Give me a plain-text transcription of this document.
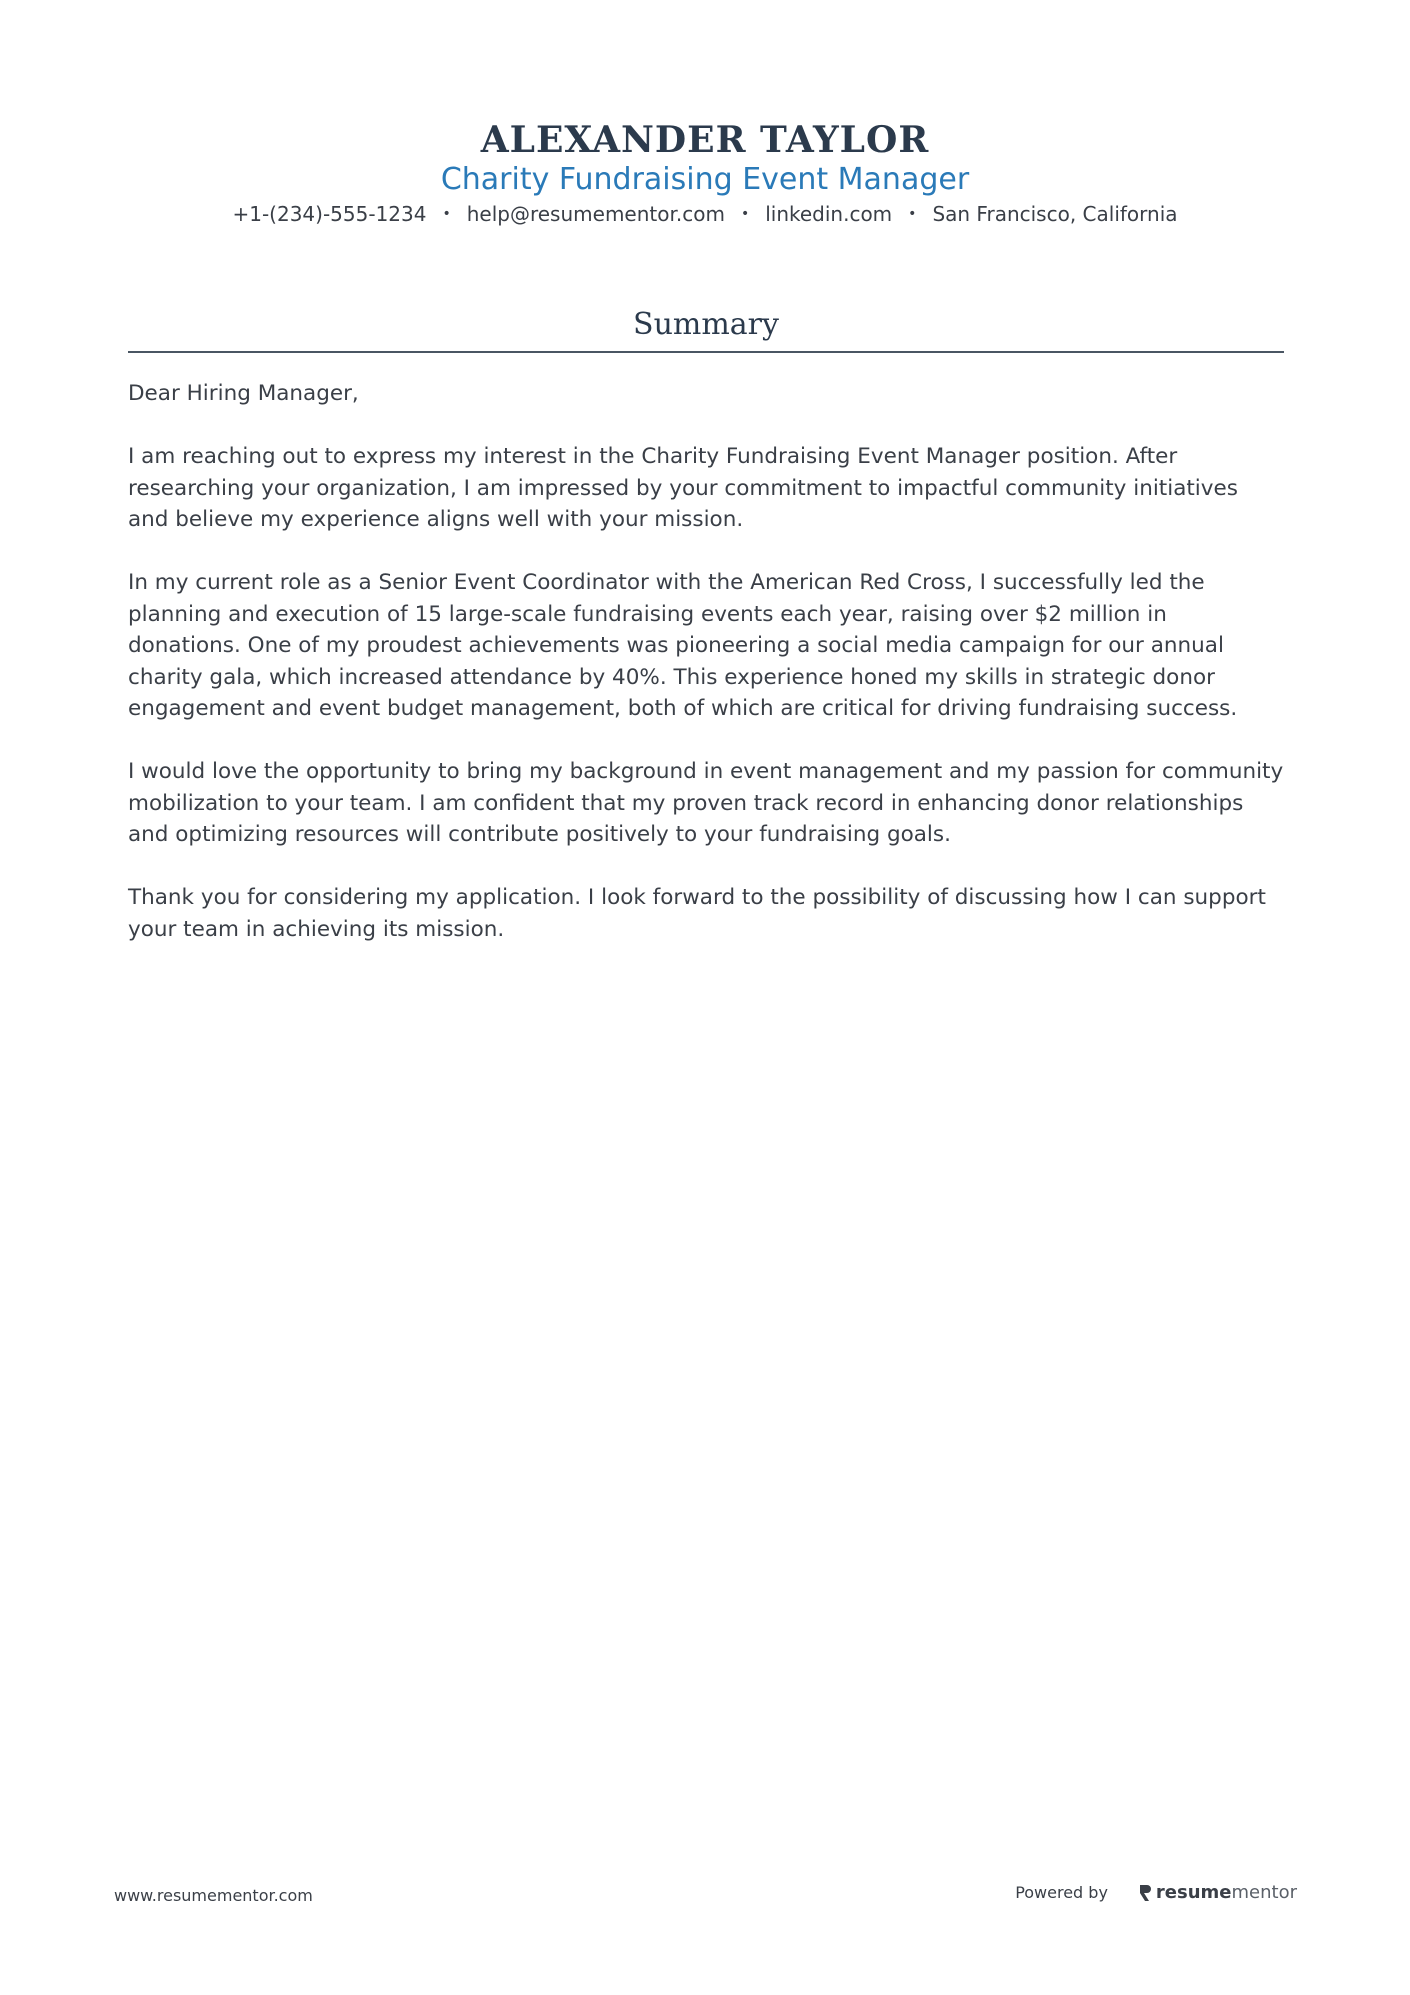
ALEXANDER TAYLOR
Charity Fundraising Event Manager
+1-(234)-555-1234 • help@resumementor.com • linkedin.com • San Francisco, California
Summary

Dear Hiring Manager,

I am reaching out to express my interest in the Charity Fundraising Event Manager position. After researching your organization, I am impressed by your commitment to impactful community initiatives and believe my experience aligns well with your mission.

In my current role as a Senior Event Coordinator with the American Red Cross, I successfully led the planning and execution of 15 large-scale fundraising events each year, raising over $2 million in donations. One of my proudest achievements was pioneering a social media campaign for our annual charity gala, which increased attendance by 40%. This experience honed my skills in strategic donor engagement and event budget management, both of which are critical for driving fundraising success.

I would love the opportunity to bring my background in event management and my passion for community mobilization to your team. I am confident that my proven track record in enhancing donor relationships and optimizing resources will contribute positively to your fundraising goals.

Thank you for considering my application. I look forward to the possibility of discussing how I can support your team in achieving its mission.

www.resumementor.com	Powered by	resume mentor
